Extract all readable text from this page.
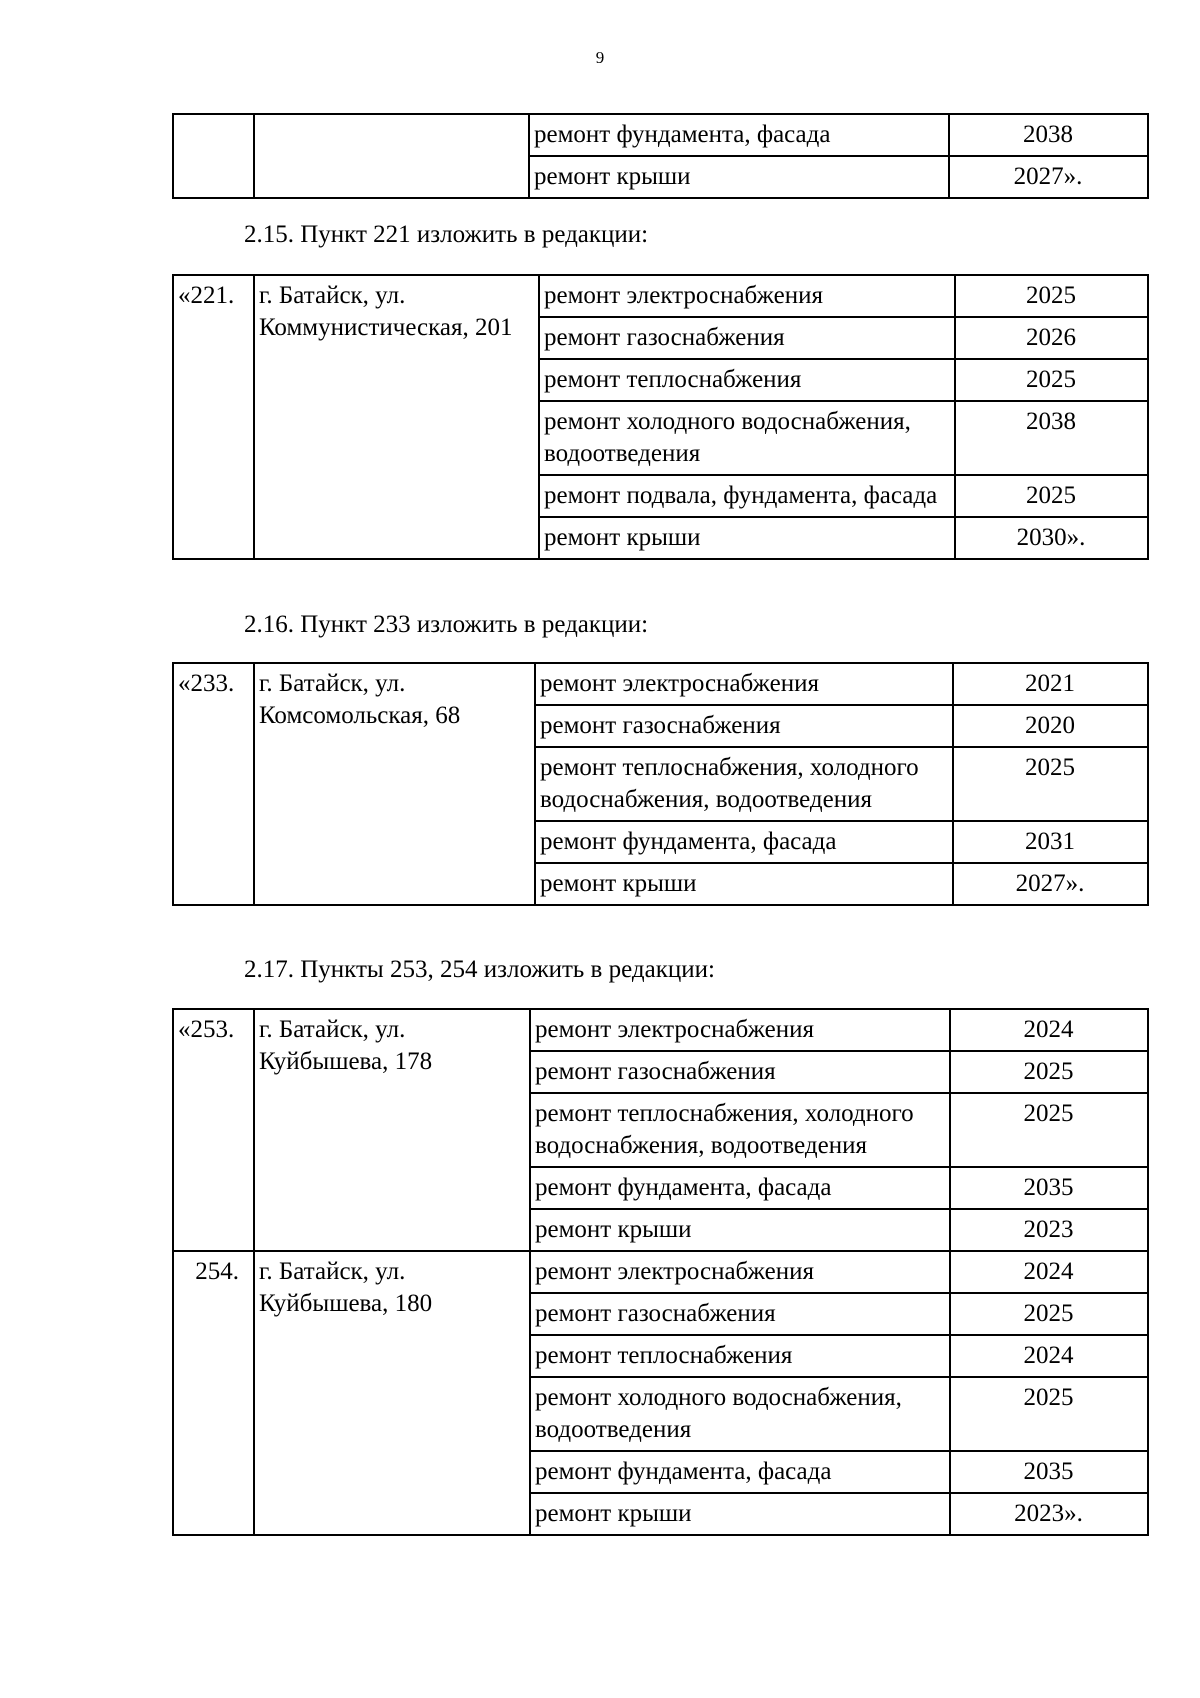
9
		ремонт фундамента, фасада	2038
		ремонт крыши	2027».
2.15. Пункт 221 изложить в редакции:
«221.	г. Батайск, ул. Коммунистическая, 201	ремонт электроснабжения	2025
		ремонт газоснабжения	2026
		ремонт теплоснабжения	2025
		ремонт холодного водоснабжения, водоотведения	2038
		ремонт подвала, фундамента, фасада	2025
		ремонт крыши	2030».
2.16. Пункт 233 изложить в редакции:
«233.	г. Батайск, ул. Комсомольская, 68	ремонт электроснабжения	2021
		ремонт газоснабжения	2020
		ремонт теплоснабжения, холодного водоснабжения, водоотведения	2025
		ремонт фундамента, фасада	2031
		ремонт крыши	2027».
2.17. Пункты 253, 254 изложить в редакции:
«253.	г. Батайск, ул. Куйбышева, 178	ремонт электроснабжения	2024
		ремонт газоснабжения	2025
		ремонт теплоснабжения, холодного водоснабжения, водоотведения	2025
		ремонт фундамента, фасада	2035
		ремонт крыши	2023
254.	г. Батайск, ул. Куйбышева, 180	ремонт электроснабжения	2024
		ремонт газоснабжения	2025
		ремонт теплоснабжения	2024
		ремонт холодного водоснабжения, водоотведения	2025
		ремонт фундамента, фасада	2035
		ремонт крыши	2023».
